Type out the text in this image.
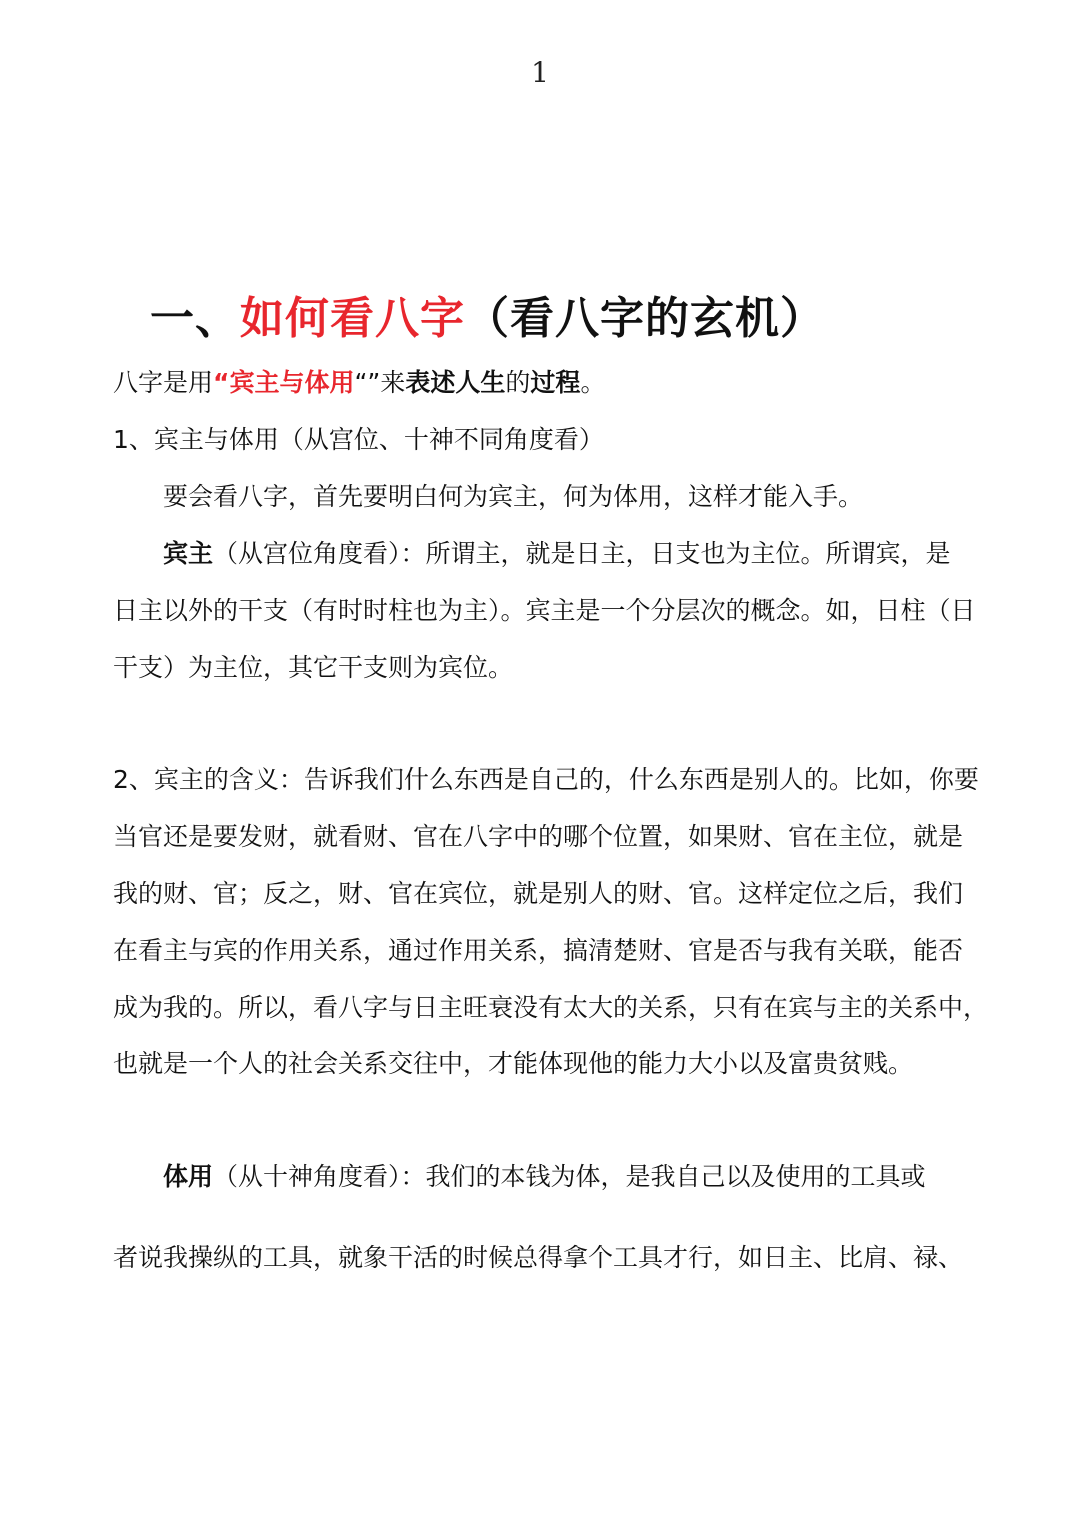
1
一、如何看八字（看八字的玄机）
八字是用“宾主与体用“”来表述人生的过程。
1、宾主与体用（从宫位、十神不同角度看）
要会看八字，首先要明白何为宾主，何为体用，这样才能入手。
宾主（从宫位角度看）：所谓主，就是日主，日支也为主位。所谓宾，是
日主以外的干支（有时时柱也为主）。宾主是一个分层次的概念。如，日柱（日
干支）为主位，其它干支则为宾位。
2、宾主的含义：告诉我们什么东西是自己的，什么东西是别人的。比如，你要
当官还是要发财，就看财、官在八字中的哪个位置，如果财、官在主位，就是
我的财、官；反之，财、官在宾位，就是别人的财、官。这样定位之后，我们
在看主与宾的作用关系，通过作用关系，搞清楚财、官是否与我有关联，能否
成为我的。所以，看八字与日主旺衰没有太大的关系，只有在宾与主的关系中，
也就是一个人的社会关系交往中，才能体现他的能力大小以及富贵贫贱。
体用（从十神角度看）：我们的本钱为体，是我自己以及使用的工具或
者说我操纵的工具，就象干活的时候总得拿个工具才行，如日主、比肩、禄、
